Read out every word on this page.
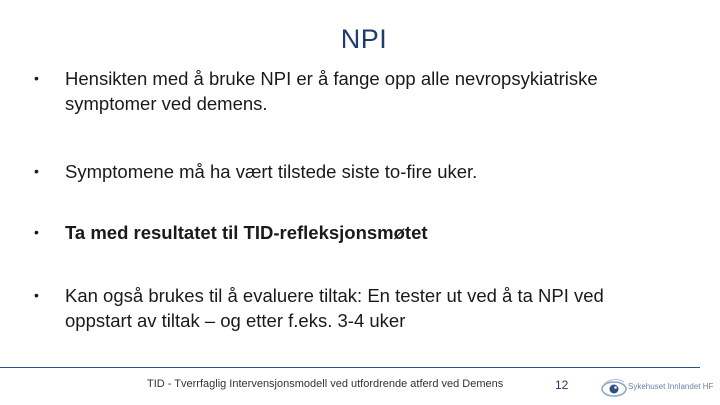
NPI
•	Hensikten med å bruke NPI er å fange opp alle nevropsykiatriske symptomer ved demens.
•	Symptomene må ha vært tilstede siste to-fire uker.
•	Ta med resultatet til TID-refleksjonsmøtet
•	Kan også brukes til å evaluere tiltak: En tester ut ved å ta NPI ved oppstart av tiltak – og etter f.eks. 3-4 uker
TID - Tverrfaglig Intervensjonsmodell ved utfordrende atferd ved Demens	12	Sykehuset Innlandet HF
